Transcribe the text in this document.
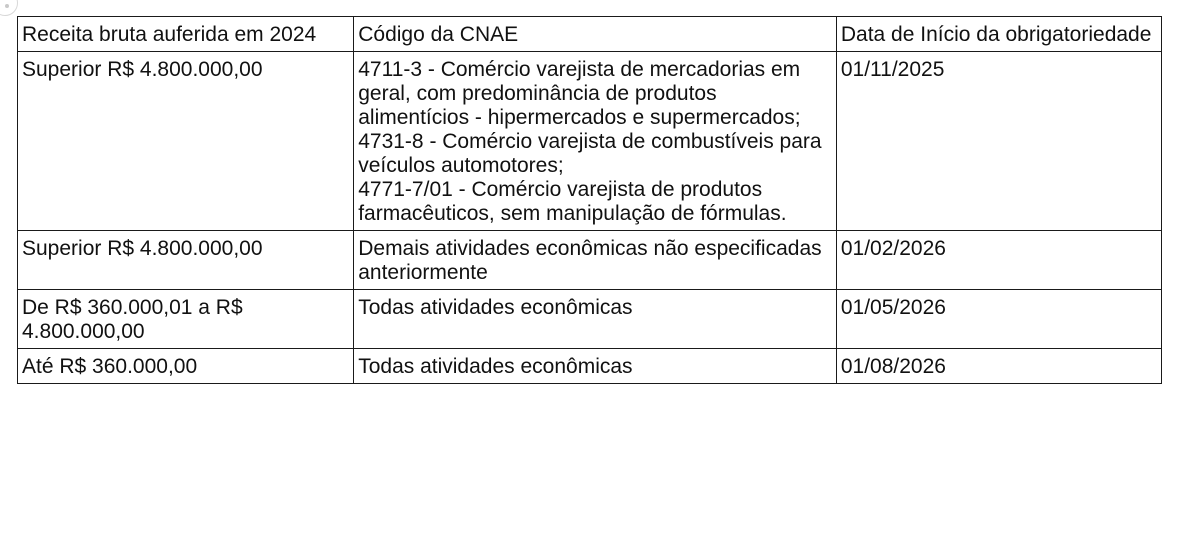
Receita bruta auferida em 2024	Código da CNAE	Data de Início da obrigatoriedade
Superior R$ 4.800.000,00	4711-3 - Comércio varejista de mercadorias em geral, com predominância de produtos alimentícios - hipermercados e supermercados;
4731-8 - Comércio varejista de combustíveis para veículos automotores;
4771-7/01 - Comércio varejista de produtos farmacêuticos, sem manipulação de fórmulas.	01/11/2025
Superior R$ 4.800.000,00	Demais atividades econômicas não especificadas anteriormente	01/02/2026
De R$ 360.000,01 a R$ 4.800.000,00	Todas atividades econômicas	01/05/2026
Até R$ 360.000,00	Todas atividades econômicas	01/08/2026
